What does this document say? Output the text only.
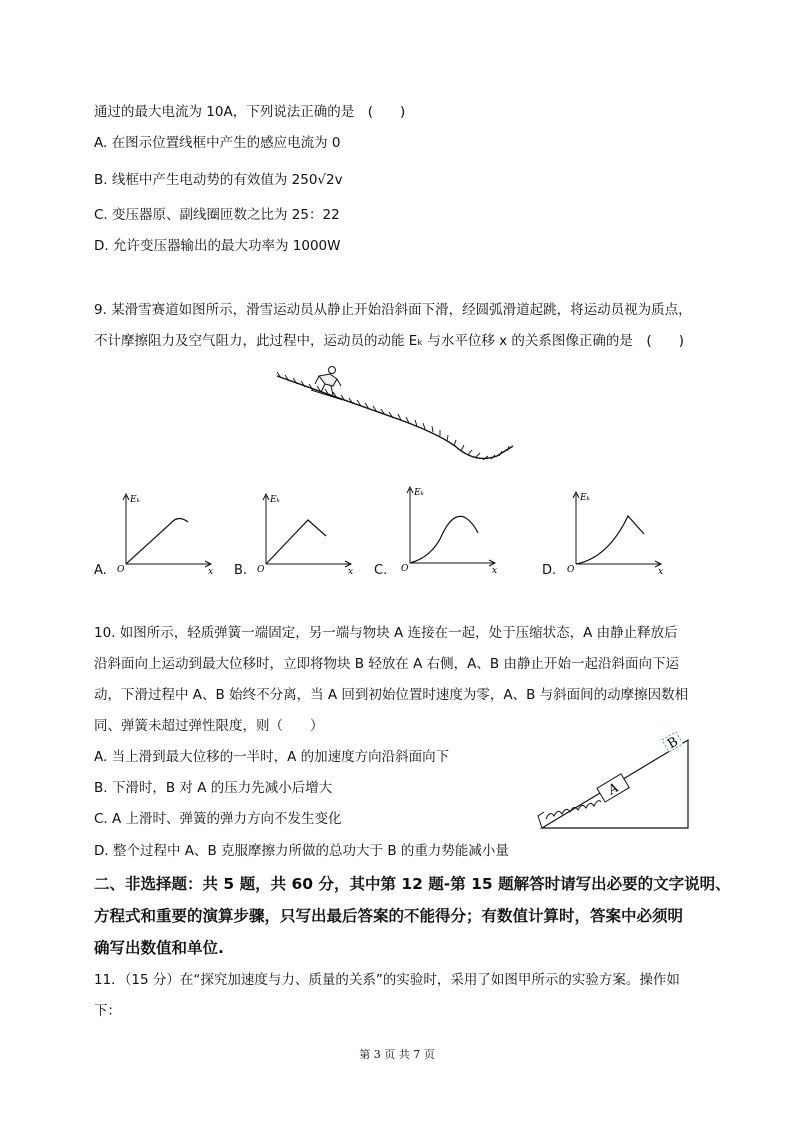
通过的最大电流为 10A，下列说法正确的是　(　　)
A. 在图示位置线框中产生的感应电流为 0
B. 线框中产生电动势的有效值为 250√2v
C. 变压器原、副线圈匝数之比为 25：22
D. 允许变压器输出的最大功率为 1000W
9. 某滑雪赛道如图所示，滑雪运动员从静止开始沿斜面下滑，经圆弧滑道起跳，将运动员视为质点，
不计摩擦阻力及空气阻力，此过程中，运动员的动能 Eₖ 与水平位移 x 的关系图像正确的是　(　　)
Eₖ
x
O
Eₖ
x
O
Eₖ
x
O
Eₖ
x
O
A.	B.	C.	D.
10. 如图所示，轻质弹簧一端固定，另一端与物块 A 连接在一起，处于压缩状态，A 由静止释放后
沿斜面向上运动到最大位移时，立即将物块 B 轻放在 A 右侧，A、B 由静止开始一起沿斜面向下运
动，下滑过程中 A、B 始终不分离，当 A 回到初始位置时速度为零，A、B 与斜面间的动摩擦因数相
同、弹簧未超过弹性限度，则（　　）
A. 当上滑到最大位移的一半时，A 的加速度方向沿斜面向下
B. 下滑时，B 对 A 的压力先减小后增大
C. A 上滑时、弹簧的弹力方向不发生变化
D. 整个过程中 A、B 克服摩擦力所做的总功大于 B 的重力势能减小量
A
B
二、非选择题：共 5 题，共 60 分，其中第 12 题-第 15 题解答时请写出必要的文字说明、
方程式和重要的演算步骤，只写出最后答案的不能得分；有数值计算时，答案中必须明
确写出数值和单位.
11．（15 分）在“探究加速度与力、质量的关系”的实验时，采用了如图甲所示的实验方案。操作如
下：
第 3 页 共 7 页
